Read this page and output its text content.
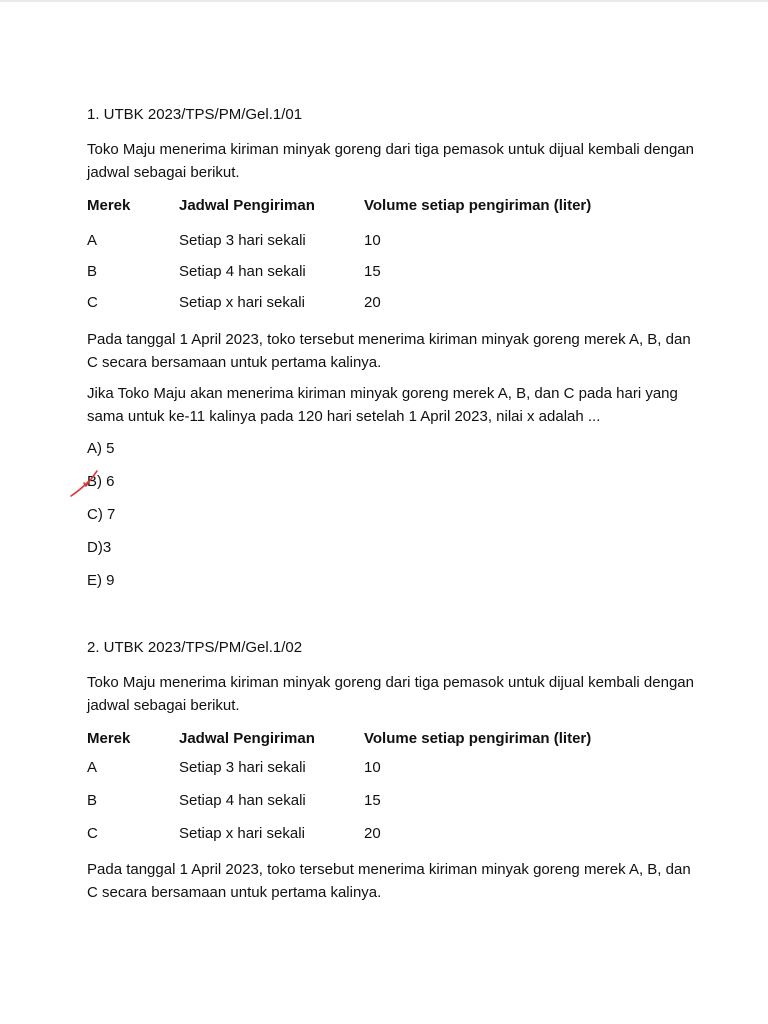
1. UTBK 2023/TPS/PM/Gel.1/01

Toko Maju menerima kiriman minyak goreng dari tiga pemasok untuk dijual kembali dengan jadwal sebagai berikut.

Merek	Jadwal Pengiriman	Volume setiap pengiriman (liter)
A	Setiap 3 hari sekali	10
B	Setiap 4 han sekali	15
C	Setiap x hari sekali	20

Pada tanggal 1 April 2023, toko tersebut menerima kiriman minyak goreng merek A, B, dan C secara bersamaan untuk pertama kalinya.

Jika Toko Maju akan menerima kiriman minyak goreng merek A, B, dan C pada hari yang sama untuk ke-11 kalinya pada 120 hari setelah 1 April 2023, nilai x adalah ...

A) 5
B) 6
C) 7
D)3
E) 9

2. UTBK 2023/TPS/PM/Gel.1/02

Toko Maju menerima kiriman minyak goreng dari tiga pemasok untuk dijual kembali dengan jadwal sebagai berikut.

Merek	Jadwal Pengiriman	Volume setiap pengiriman (liter)
A	Setiap 3 hari sekali	10
B	Setiap 4 han sekali	15
C	Setiap x hari sekali	20

Pada tanggal 1 April 2023, toko tersebut menerima kiriman minyak goreng merek A, B, dan C secara bersamaan untuk pertama kalinya.
